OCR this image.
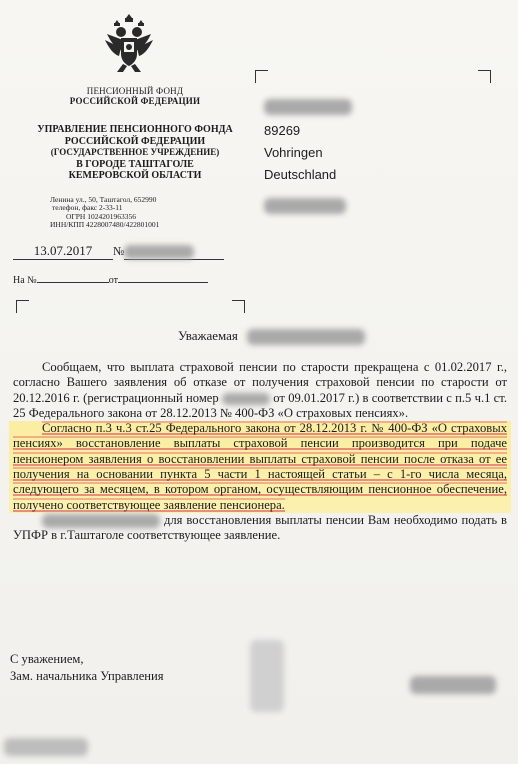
ПЕНСИОННЫЙ ФОНД
РОССИЙСКОЙ ФЕДЕРАЦИИ
УПРАВЛЕНИЕ ПЕНСИОННОГО ФОНДА
РОССИЙСКОЙ ФЕДЕРАЦИИ
(ГОСУДАРСТВЕННОЕ УЧРЕЖДЕНИЕ)
В ГОРОДЕ ТАШТАГОЛЕ
КЕМЕРОВСКОЙ ОБЛАСТИ
Ленина ул., 50, Таштагол, 652990
телефон, факс 2-33-11
ОГРН 1024201963356
ИНН/КПП 4228007480/422801001
89269
Vohringen
Deutschland
13.07.2017 №
На №	от
Уважаемая

Сообщаем, что выплата страховой пенсии по старости прекращена с 01.02.2017 г., согласно Вашего заявления об отказе от получения страховой пенсии по старости от 20.12.2016 г. (регистрационный номер	от 09.01.2017 г.) в соответствии с п.5 ч.1 ст. 25 Федерального закона от 28.12.2013 № 400-ФЗ «О страховых пенсиях».

Согласно п.3 ч.3 ст.25 Федерального закона от 28.12.2013 г. № 400-ФЗ «О страховых пенсиях» восстановление выплаты страховой пенсии производится при подаче пенсионером заявления о восстановлении выплаты страховой пенсии после отказа от ее получения на основании пункта 5 части 1 настоящей статьи – с 1-го числа месяца, следующего за месяцем, в котором органом, осуществляющим пенсионное обеспечение, получено соответствующее заявление пенсионера.

для восстановления выплаты пенсии Вам необходимо подать в УПФР в г.Таштаголе соответствующее заявление.

С уважением,
Зам. начальника Управления
